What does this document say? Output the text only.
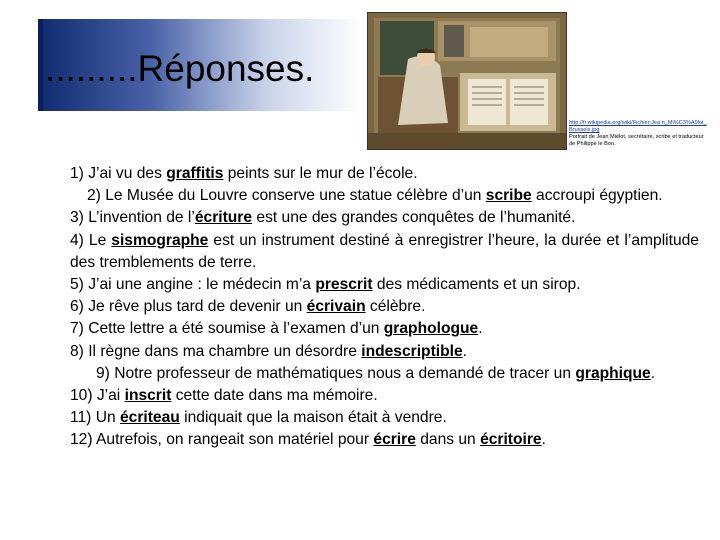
.........Réponses.
http://fr.wikipedia.org/wiki/Fichier:Jea n_Mi%C3%A9lot_Brussels.jpg
Portrait de Jean Miélot, secrétaire, scribe et traducteur de Philippe le Bon.

1) J’ai vu des graffitis peints sur le mur de l’école.

2) Le Musée du Louvre conserve une statue célèbre d’un scribe accroupi égyptien.

3) L’invention de l’écriture est une des grandes conquêtes de l’humanité.

4) Le sismographe est un instrument destiné à enregistrer l’heure, la durée et l’amplitude des tremblements de terre.

5) J’ai une angine : le médecin m’a prescrit des médicaments et un sirop.

6) Je rêve plus tard de devenir un écrivain célèbre.

7) Cette lettre a été soumise à l’examen d’un graphologue.

8) Il règne dans ma chambre un désordre indescriptible.

9) Notre professeur de mathématiques nous a demandé de tracer un graphique.

10) J’ai inscrit cette date dans ma mémoire.

11) Un écriteau indiquait que la maison était à vendre.

12) Autrefois, on rangeait son matériel pour écrire dans un écritoire.
